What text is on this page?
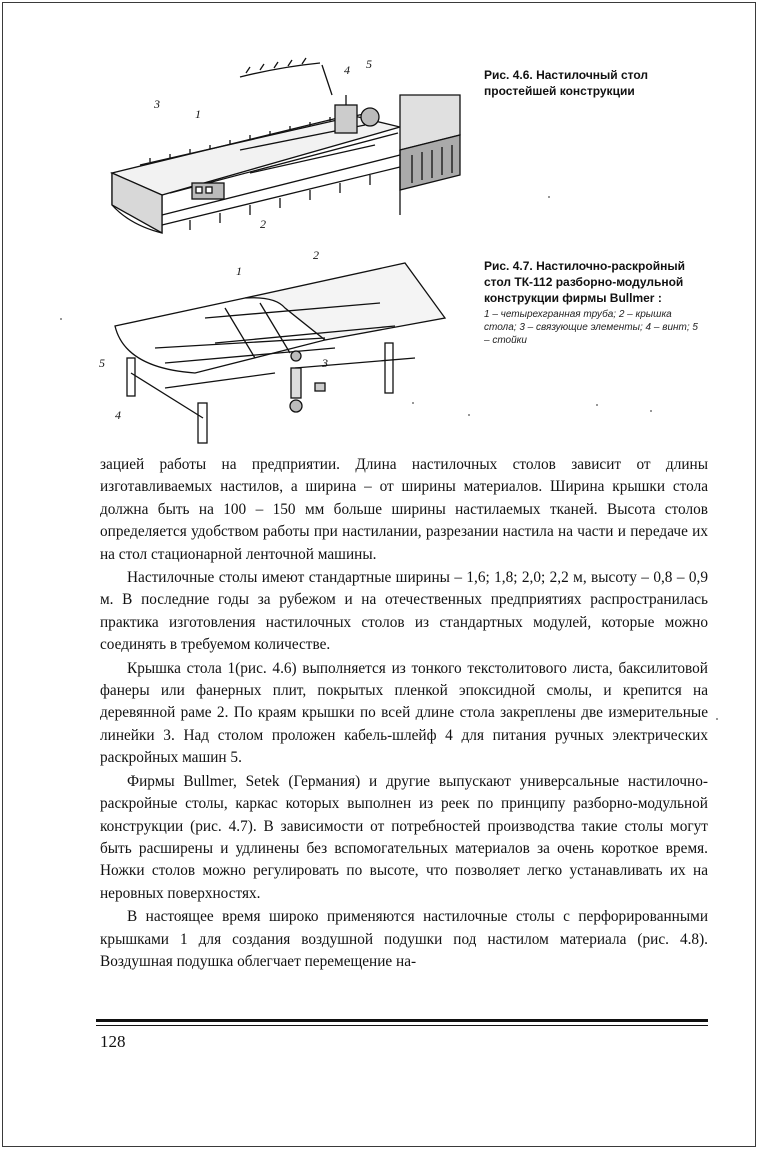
3
1
2
4 5
Рис. 4.6. Настилочный стол простейшей конструкции
1
2
3
4
5
Рис. 4.7. Настилочно-раскройный стол ТК-112 разборно-модульной конструкции фирмы Bullmer :
1 – четырехгранная труба; 2 – крышка стола; 3 – связующие элементы; 4 – винт; 5 – стойки

зацией работы на предприятии. Длина настилочных столов зависит от длины изготавливаемых настилов, а ширина – от ширины материалов. Ширина крышки стола должна быть на 100 – 150 мм больше ширины настилаемых тканей. Высота столов определяется удобством работы при настилании, разрезании настила на части и передаче их на стол стационарной ленточной машины.

Настилочные столы имеют стандартные ширины – 1,6; 1,8; 2,0; 2,2 м, высоту – 0,8 – 0,9 м. В последние годы за рубежом и на отечественных предприятиях распространилась практика изготовления настилочных столов из стандартных модулей, которые можно соединять в требуемом количестве.

Крышка стола 1(рис. 4.6) выполняется из тонкого текстолитового листа, баксилитовой фанеры или фанерных плит, покрытых пленкой эпоксидной смолы, и крепится на деревянной раме 2. По краям крышки по всей длине стола закреплены две измерительные линейки 3. Над столом проложен кабель-шлейф 4 для питания ручных электрических раскройных машин 5.

Фирмы Bullmer, Setek (Германия) и другие выпускают универсальные настилочно-раскройные столы, каркас которых выполнен из реек по принципу разборно-модульной конструкции (рис. 4.7). В зависимости от потребностей производства такие столы могут быть расширены и удлинены без вспомогательных материалов за очень короткое время. Ножки столов можно регулировать по высоте, что позволяет легко устанавливать их на неровных поверхностях.

В настоящее время широко применяются настилочные столы с перфорированными крышками 1 для создания воздушной подушки под настилом материала (рис. 4.8). Воздушная подушка облегчает перемещение на-

128
